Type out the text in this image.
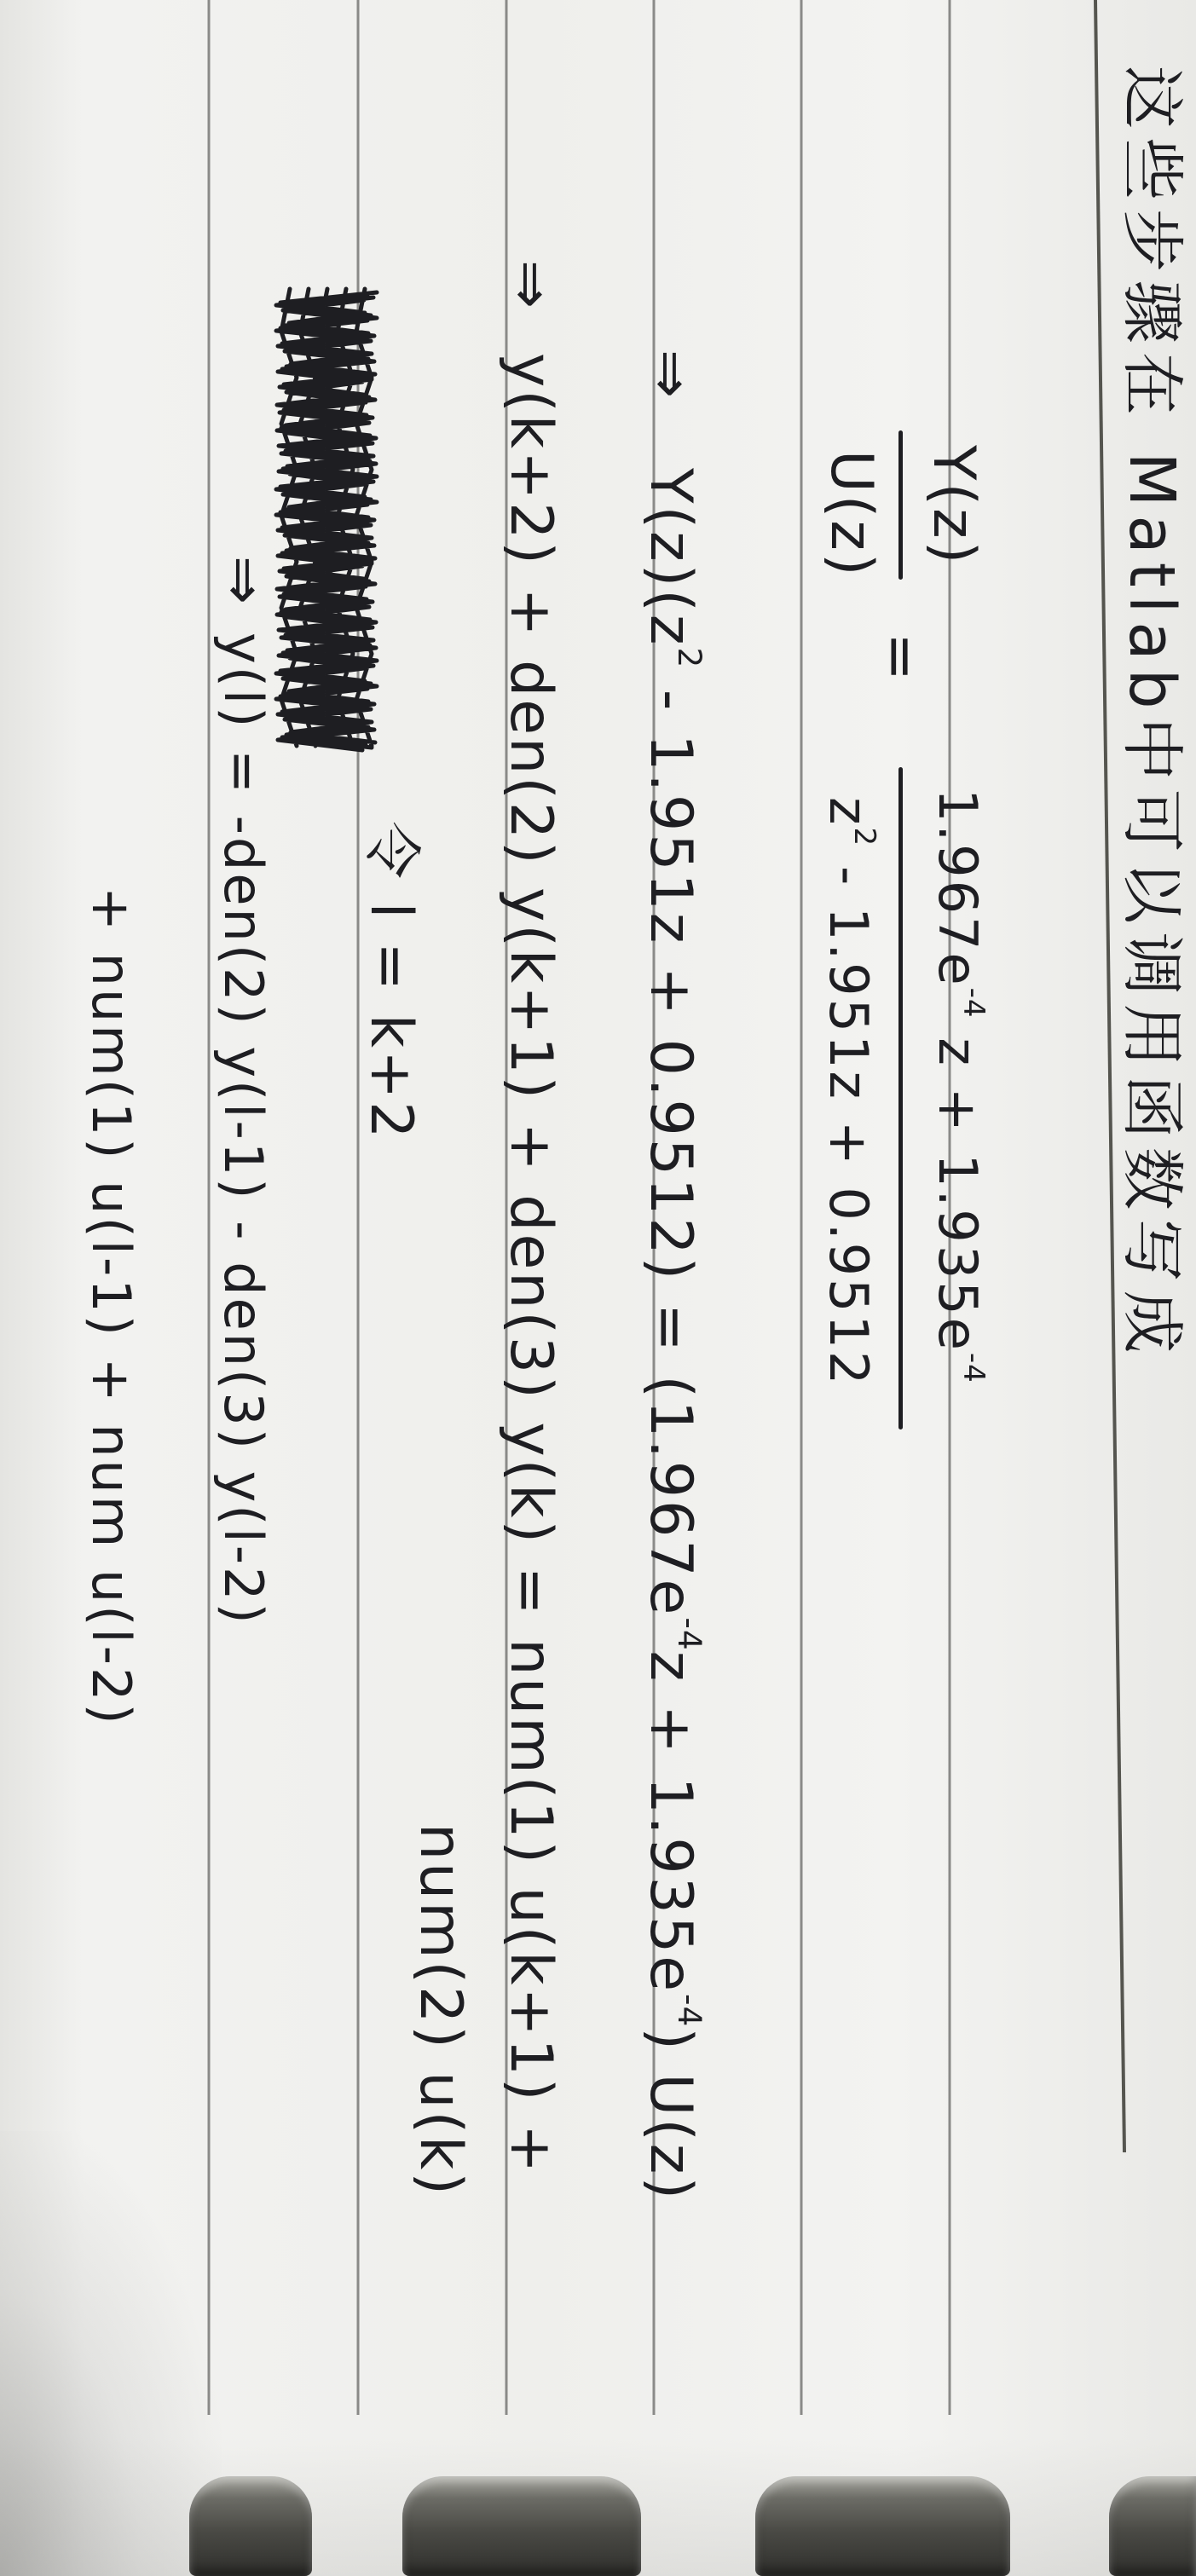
这些步骤在 Matlab中可以调用函数写成
Y(z)
U(z)
=
$1.967e^{-4}$ $z + 1.935e^{-4}$
$z^2 - 1.951z + 0.9512$
⇒
$Y(z)(z^2 - 1.951z + 0.9512) = (1.967e^{-4}z + 1.935e^{-4})$ U(z)
⇒
y(k+2) + den(2) y(k+1) + den(3) y(k) = num(1) u(k+1) +
num(2) u(k)
令 l = k+2
⇒
y(l) = -den(2) y(l-1) - den(3) y(l-2)
+ num(1) u(l-1) + num u(l-2)
